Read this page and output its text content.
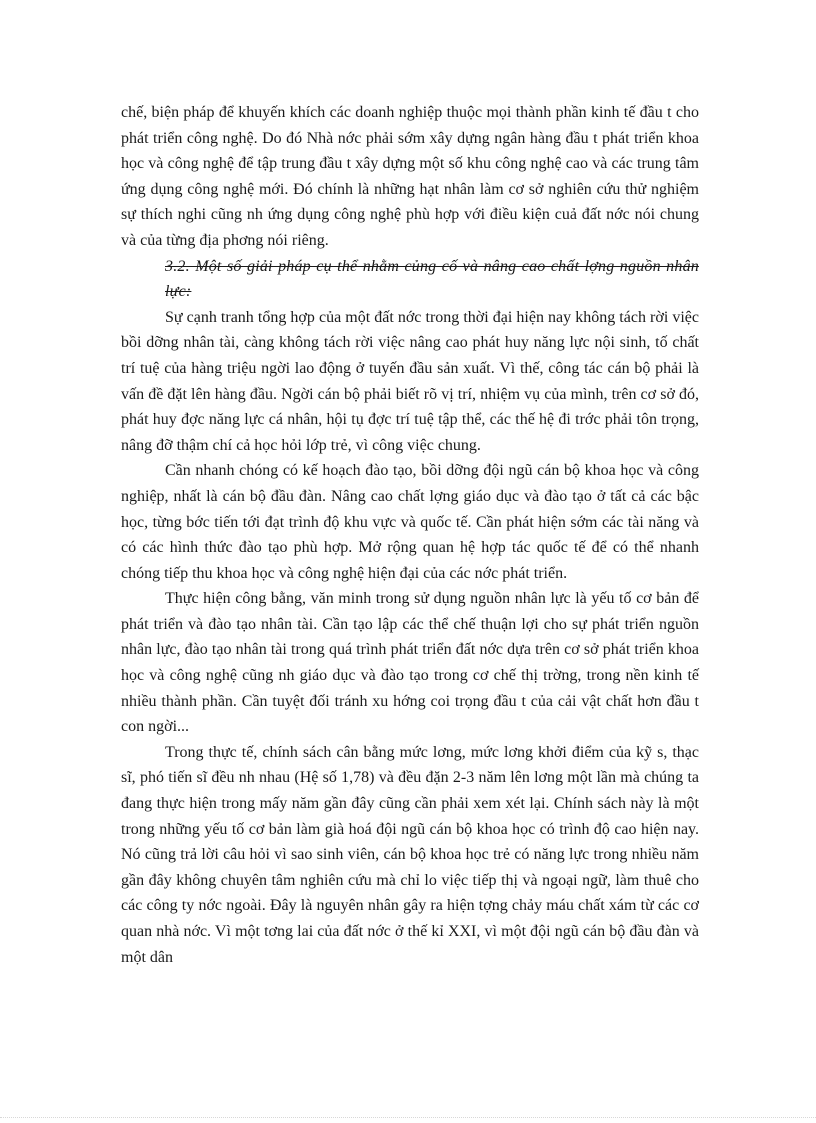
chế, biện pháp để khuyến khích các doanh nghiệp thuộc mọi thành phần kinh tế đầu t cho phát triển công nghệ. Do đó Nhà nớc phải sớm xây dựng ngân hàng đầu t phát triển khoa học và công nghệ để tập trung đầu t xây dựng một số khu công nghệ cao và các trung tâm ứng dụng công nghệ mới. Đó chính là những hạt nhân làm cơ sở nghiên cứu thử nghiệm sự thích nghi cũng nh ứng dụng công nghệ phù hợp với điều kiện cuả đất nớc nói chung và của từng địa phơng nói riêng.

3.2. Một số giải pháp cụ thể nhằm củng cố và nâng cao chất lợng nguồn nhân lực:

Sự cạnh tranh tổng hợp của một đất nớc trong thời đại hiện nay không tách rời việc bồi dỡng nhân tài, càng không tách rời việc nâng cao phát huy năng lực nội sinh, tố chất trí tuệ của hàng triệu ngời lao động ở tuyến đầu sản xuất. Vì thế, công tác cán bộ phải là vấn đề đặt lên hàng đầu. Ngời cán bộ phải biết rõ vị trí, nhiệm vụ của mình, trên cơ sở đó, phát huy đợc năng lực cá nhân, hội tụ đợc trí tuệ tập thể, các thế hệ đi trớc phải tôn trọng, nâng đỡ thậm chí cả học hỏi lớp trẻ, vì công việc chung.

Cần nhanh chóng có kế hoạch đào tạo, bồi dỡng đội ngũ cán bộ khoa học và công nghiệp, nhất là cán bộ đầu đàn. Nâng cao chất lợng giáo dục và đào tạo ở tất cả các bậc học, từng bớc tiến tới đạt trình độ khu vực và quốc tế. Cần phát hiện sớm các tài năng và có các hình thức đào tạo phù hợp. Mở rộng quan hệ hợp tác quốc tế để có thể nhanh chóng tiếp thu khoa học và công nghệ hiện đại của các nớc phát triển.

Thực hiện công bằng, văn minh trong sử dụng nguồn nhân lực là yếu tố cơ bản để phát triển và đào tạo nhân tài. Cần tạo lập các thể chế thuận lợi cho sự phát triển nguồn nhân lực, đào tạo nhân tài trong quá trình phát triển đất nớc dựa trên cơ sở phát triển khoa học và công nghệ cũng nh giáo dục và đào tạo trong cơ chế thị trờng, trong nền kinh tế nhiều thành phần. Cần tuyệt đối tránh xu hớng coi trọng đầu t của cải vật chất hơn đầu t con ngời...

Trong thực tế, chính sách cân bằng mức lơng, mức lơng khởi điểm của kỹ s, thạc sĩ, phó tiến sĩ đều nh nhau (Hệ số 1,78) và đều đặn 2-3 năm lên lơng một lần mà chúng ta đang thực hiện trong mấy năm gần đây cũng cần phải xem xét lại. Chính sách này là một trong những yếu tố cơ bản làm già hoá đội ngũ cán bộ khoa học có trình độ cao hiện nay. Nó cũng trả lời câu hỏi vì sao sinh viên, cán bộ khoa học trẻ có năng lực trong nhiều năm gần đây không chuyên tâm nghiên cứu mà chỉ lo việc tiếp thị và ngoại ngữ, làm thuê cho các công ty nớc ngoài. Đây là nguyên nhân gây ra hiện tợng chảy máu chất xám từ các cơ quan nhà nớc. Vì một tơng lai của đất nớc ở thế kỉ XXI, vì một đội ngũ cán bộ đầu đàn và một dân
